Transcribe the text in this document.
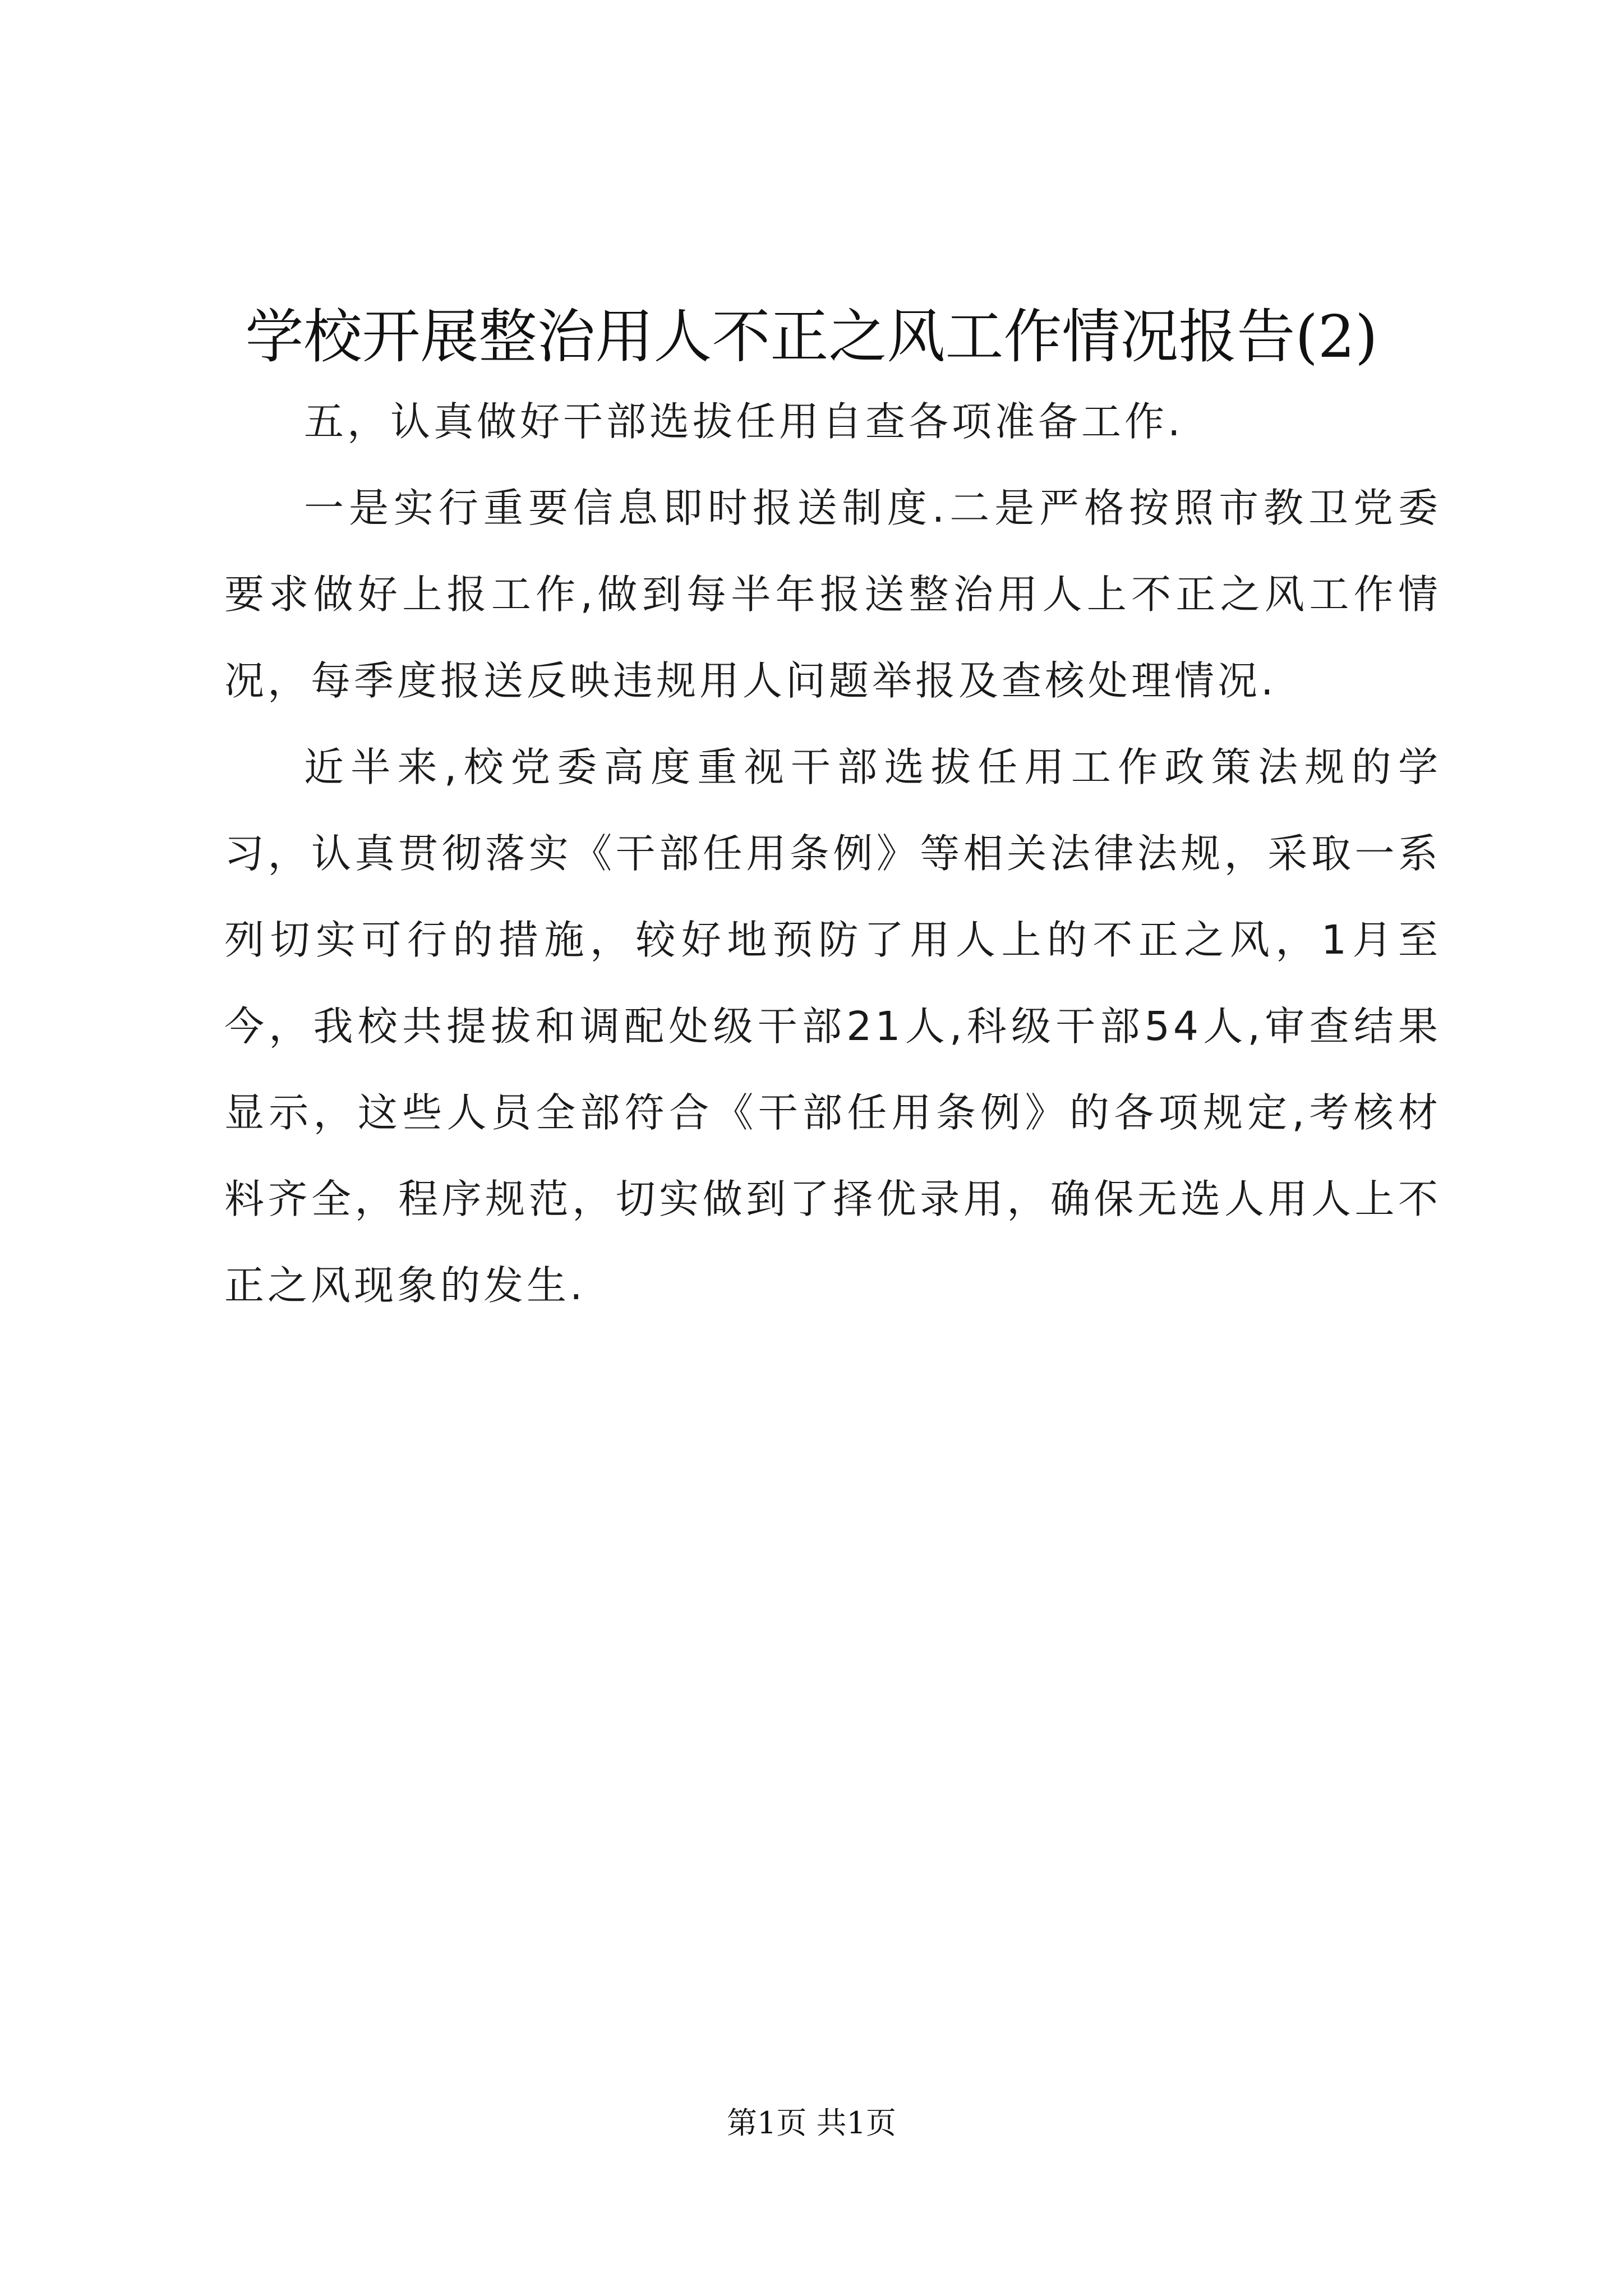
学校开展整治用人不正之风工作情况报告(2)

五，认真做好干部选拔任用自查各项准备工作.

一是实行重要信息即时报送制度.二是严格按照市教卫党委要求做好上报工作,做到每半年报送整治用人上不正之风工作情况，每季度报送反映违规用人问题举报及查核处理情况.

近半来,校党委高度重视干部选拔任用工作政策法规的学习，认真贯彻落实《干部任用条例》等相关法律法规，采取一系列切实可行的措施，较好地预防了用人上的不正之风，1月至今，我校共提拔和调配处级干部21人,科级干部54人,审查结果显示，这些人员全部符合《干部任用条例》的各项规定,考核材料齐全，程序规范，切实做到了择优录用，确保无选人用人上不正之风现象的发生.

第1页 共1页
